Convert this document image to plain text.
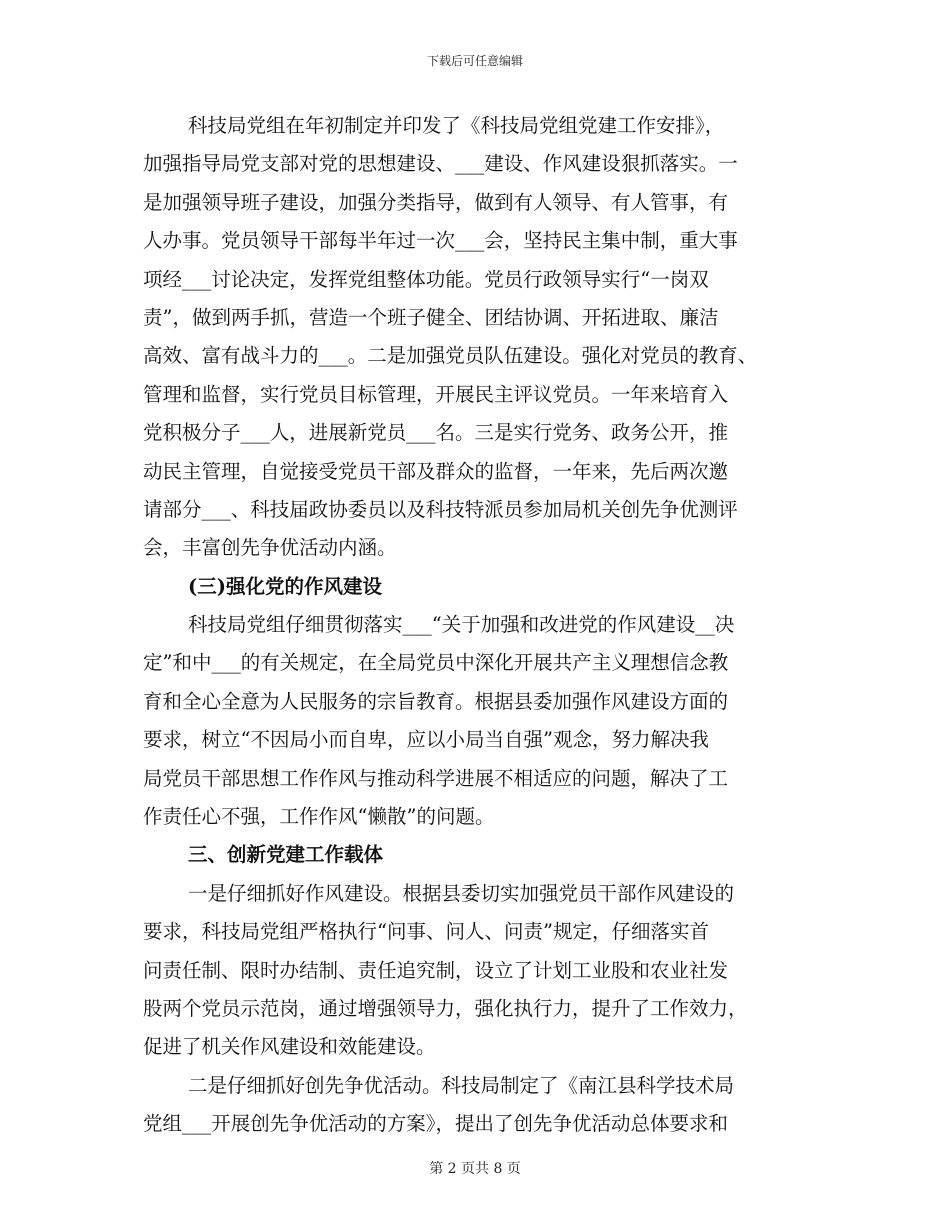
下载后可任意编辑
科技局党组在年初制定并印发了《科技局党组党建工作安排》，
加强指导局党支部对党的思想建设、___建设、作风建设狠抓落实。一
是加强领导班子建设，加强分类指导，做到有人领导、有人管事，有
人办事。党员领导干部每半年过一次___会，坚持民主集中制，重大事
项经___讨论决定，发挥党组整体功能。党员行政领导实行“一岗双
责”，做到两手抓，营造一个班子健全、团结协调、开拓进取、廉洁
高效、富有战斗力的___。二是加强党员队伍建设。强化对党员的教育、
管理和监督，实行党员目标管理，开展民主评议党员。一年来培育入
党积极分子___人，进展新党员___名。三是实行党务、政务公开，推
动民主管理，自觉接受党员干部及群众的监督，一年来，先后两次邀
请部分___、科技届政协委员以及科技特派员参加局机关创先争优测评
会，丰富创先争优活动内涵。
(三)强化党的作风建设
科技局党组仔细贯彻落实___“关于加强和改进党的作风建设__决
定”和中___的有关规定，在全局党员中深化开展共产主义理想信念教
育和全心全意为人民服务的宗旨教育。根据县委加强作风建设方面的
要求，树立“不因局小而自卑，应以小局当自强”观念，努力解决我
局党员干部思想工作作风与推动科学进展不相适应的问题，解决了工
作责任心不强，工作作风“懒散”的问题。
三、创新党建工作载体
一是仔细抓好作风建设。根据县委切实加强党员干部作风建设的
要求，科技局党组严格执行“问事、问人、问责”规定，仔细落实首
问责任制、限时办结制、责任追究制，设立了计划工业股和农业社发
股两个党员示范岗，通过增强领导力，强化执行力，提升了工作效力，
促进了机关作风建设和效能建设。
二是仔细抓好创先争优活动。科技局制定了《南江县科学技术局
党组___开展创先争优活动的方案》，提出了创先争优活动总体要求和
第 2 页共 8 页
